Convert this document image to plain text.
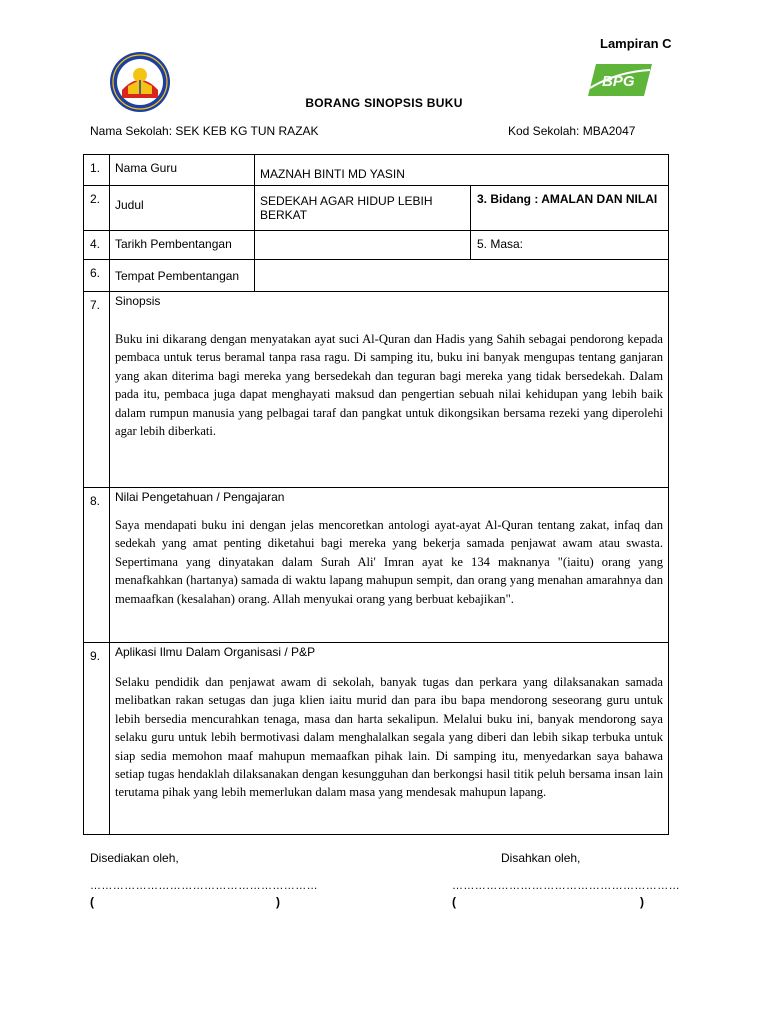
Lampiran C
BPG
BORANG SINOPSIS BUKU
Nama Sekolah: SEK KEB KG TUN RAZAK	Kod Sekolah: MBA2047
1.	Nama Guru	MAZNAH BINTI MD YASIN	
2.	Judul	SEDEKAH AGAR HIDUP LEBIH BERKAT	3. Bidang : AMALAN DAN NILAI
4.	Tarikh Pembentangan		5. Masa:
6.	Tempat Pembentangan		
7.	Sinopsis

Buku ini dikarang dengan menyatakan ayat suci Al-Quran dan Hadis yang Sahih sebagai pendorong kepada pembaca untuk terus beramal tanpa rasa ragu. Di samping itu, buku ini banyak mengupas tentang ganjaran yang akan diterima bagi mereka yang bersedekah dan teguran bagi mereka yang tidak bersedekah. Dalam pada itu, pembaca juga dapat menghayati maksud dan pengertian sebuah nilai kehidupan yang lebih baik dalam rumpun manusia yang pelbagai taraf dan pangkat untuk dikongsikan bersama rezeki yang diperolehi agar lebih diberkati.		

8.	Nilai Pengetahuan / Pengajaran

Saya mendapati buku ini dengan jelas mencoretkan antologi ayat-ayat Al-Quran tentang zakat, infaq dan sedekah yang amat penting diketahui bagi mereka yang bekerja samada penjawat awam atau swasta. Sepertimana yang dinyatakan dalam Surah Ali' Imran ayat ke 134 maknanya "(iaitu) orang yang menafkahkan (hartanya) samada di waktu lapang mahupun sempit, dan orang yang menahan amarahnya dan memaafkan (kesalahan) orang. Allah menyukai orang yang berbuat kebajikan".		

9.	Aplikasi Ilmu Dalam Organisasi / P&P

Selaku pendidik dan penjawat awam di sekolah, banyak tugas dan perkara yang dilaksanakan samada melibatkan rakan setugas dan juga klien iaitu murid dan para ibu bapa mendorong seseorang guru untuk lebih bersedia mencurahkan tenaga, masa dan harta sekalipun. Melalui buku ini, banyak mendorong saya selaku guru untuk lebih bermotivasi dalam menghalalkan segala yang diberi dan lebih sikap terbuka untuk siap sedia memohon maaf mahupun memaafkan pihak lain. Di samping itu, menyedarkan saya bahawa setiap tugas hendaklah dilaksanakan dengan kesungguhan dan berkongsi hasil titik peluh bersama insan lain terutama pihak yang lebih memerlukan dalam masa yang mendesak mahupun lapang.		

Disediakan oleh,	Disahkan oleh,
……………………………………………………	……………………………………………………
(	)	(	)
